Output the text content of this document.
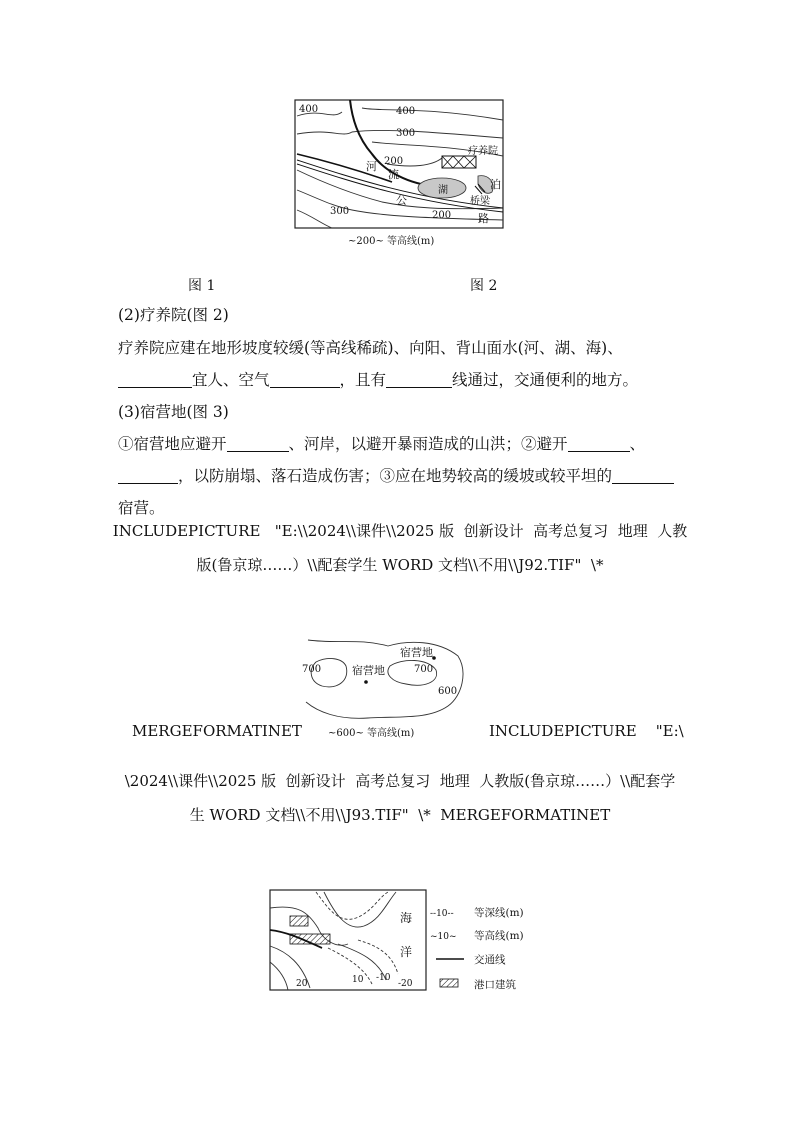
400	400
300
200
300	200
疗养院
河
流
湖	泊
桥梁
公
路
~200~ 等高线(m)
图 1	图 2
(2)疗养院(图 2)
疗养院应建在地形坡度较缓(等高线稀疏)、向阳、背山面水(河、湖、海)、
宜人、空气	，且有	线通过，交通便利的地方。
(3)宿营地(图 3)
①宿营地应避开	、河岸，以避开暴雨造成的山洪；②避开	、
，以防崩塌、落石造成伤害；③应在地势较高的缓坡或较平坦的
宿营。
INCLUDEPICTURE   "E:\\2024\\课件\\2025 版  创新设计  高考总复习  地理  人教
版(鲁京琼……）\\配套学生 WORD 文档\\不用\\J92.TIF"  \*
700	700
600
宿营地
宿营地
~600~ 等高线(m)
MERGEFORMATINET	INCLUDEPICTURE    "E:\
\2024\\课件\\2025 版  创新设计  高考总复习  地理  人教版(鲁京琼……）\\配套学
生 WORD 文档\\不用\\J93.TIF"  \*  MERGEFORMATINET
海
洋
20	10 -10
-20
--10-- 等深线(m)
~10~ 等高线(m)
交通线
港口建筑
